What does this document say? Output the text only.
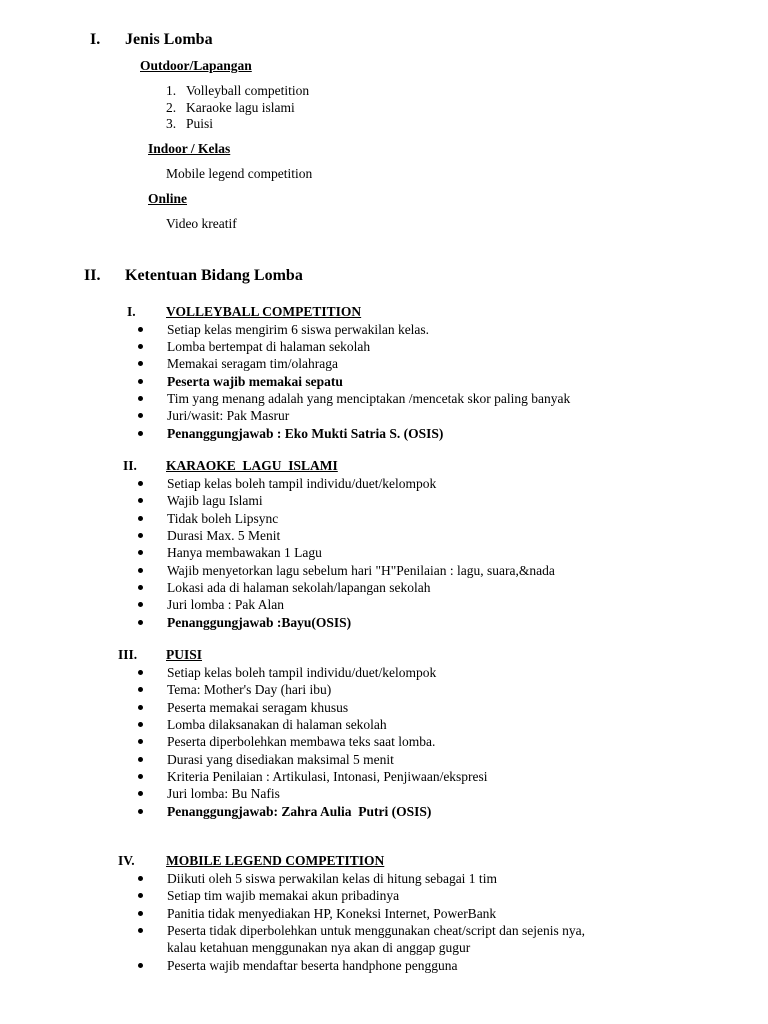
I. Jenis Lomba
Outdoor/Lapangan
1. Volleyball competition
2. Karaoke lagu islami
3. Puisi
Indoor / Kelas
Mobile legend competition
Online
Video kreatif
II. Ketentuan Bidang Lomba
I. VOLLEYBALL COMPETITION
Setiap kelas mengirim 6 siswa perwakilan kelas.
Lomba bertempat di halaman sekolah
Memakai seragam tim/olahraga
Peserta wajib memakai sepatu
Tim yang menang adalah yang menciptakan /mencetak skor paling banyak
Juri/wasit: Pak Masrur
Penanggungjawab : Eko Mukti Satria S. (OSIS)
II. KARAOKE  LAGU  ISLAMI
Setiap kelas boleh tampil individu/duet/kelompok
Wajib lagu Islami
Tidak boleh Lipsync
Durasi Max. 5 Menit
Hanya membawakan 1 Lagu
Wajib menyetorkan lagu sebelum hari "H"Penilaian : lagu, suara,&nada
Lokasi ada di halaman sekolah/lapangan sekolah
Juri lomba : Pak Alan
Penanggungjawab :Bayu(OSIS)
III. PUISI
Setiap kelas boleh tampil individu/duet/kelompok
Tema: Mother's Day (hari ibu)
Peserta memakai seragam khusus
Lomba dilaksanakan di halaman sekolah
Peserta diperbolehkan membawa teks saat lomba.
Durasi yang disediakan maksimal 5 menit
Kriteria Penilaian : Artikulasi, Intonasi, Penjiwaan/ekspresi
Juri lomba: Bu Nafis
Penanggungjawab: Zahra Aulia  Putri (OSIS)
IV. MOBILE LEGEND COMPETITION
Diikuti oleh 5 siswa perwakilan kelas di hitung sebagai 1 tim
Setiap tim wajib memakai akun pribadinya
Panitia tidak menyediakan HP, Koneksi Internet, PowerBank
Peserta tidak diperbolehkan untuk menggunakan cheat/script dan sejenis nya,
kalau ketahuan menggunakan nya akan di anggap gugur
Peserta wajib mendaftar beserta handphone pengguna
